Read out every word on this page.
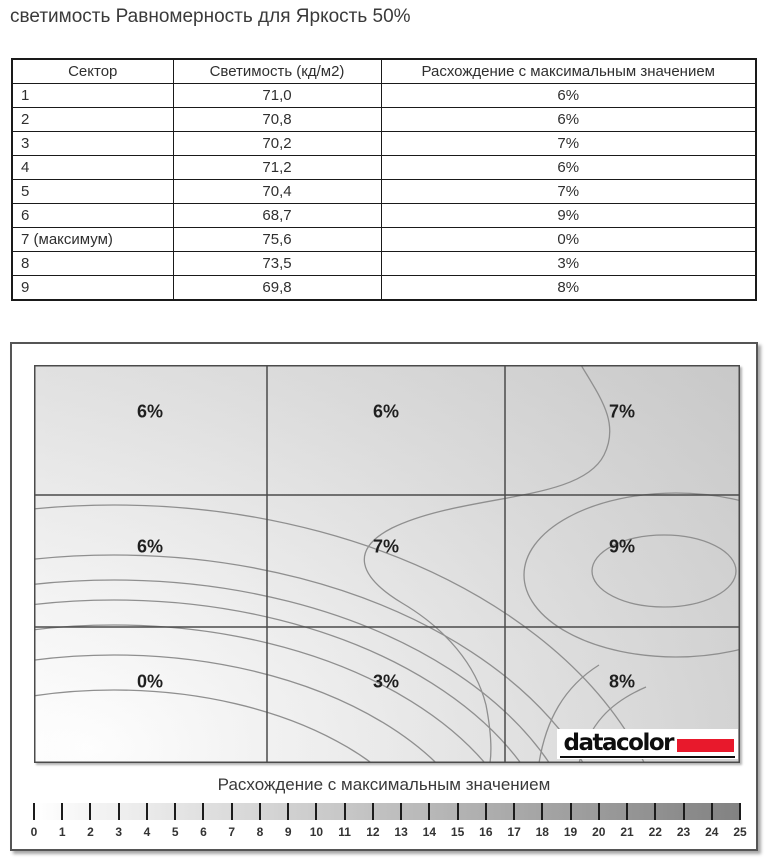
светимость Равномерность для Яркость 50%
Сектор	Светимость (кд/м2)	Расхождение с максимальным значением
1	71,0	6%
2	70,8	6%
3	70,2	7%
4	71,2	6%
5	70,4	7%
6	68,7	9%
7 (максимум)	75,6	0%
8	73,5	3%
9	69,8	8%
6%	6%	7%
6%	7%	9%
0%	3%	8%
datacolor
Расхождение с максимальным значением
0 1 2 3 4 5 6 7 8 9 10 11 12 13 14 15 16 17 18 19 20 21 22 23 24 25
